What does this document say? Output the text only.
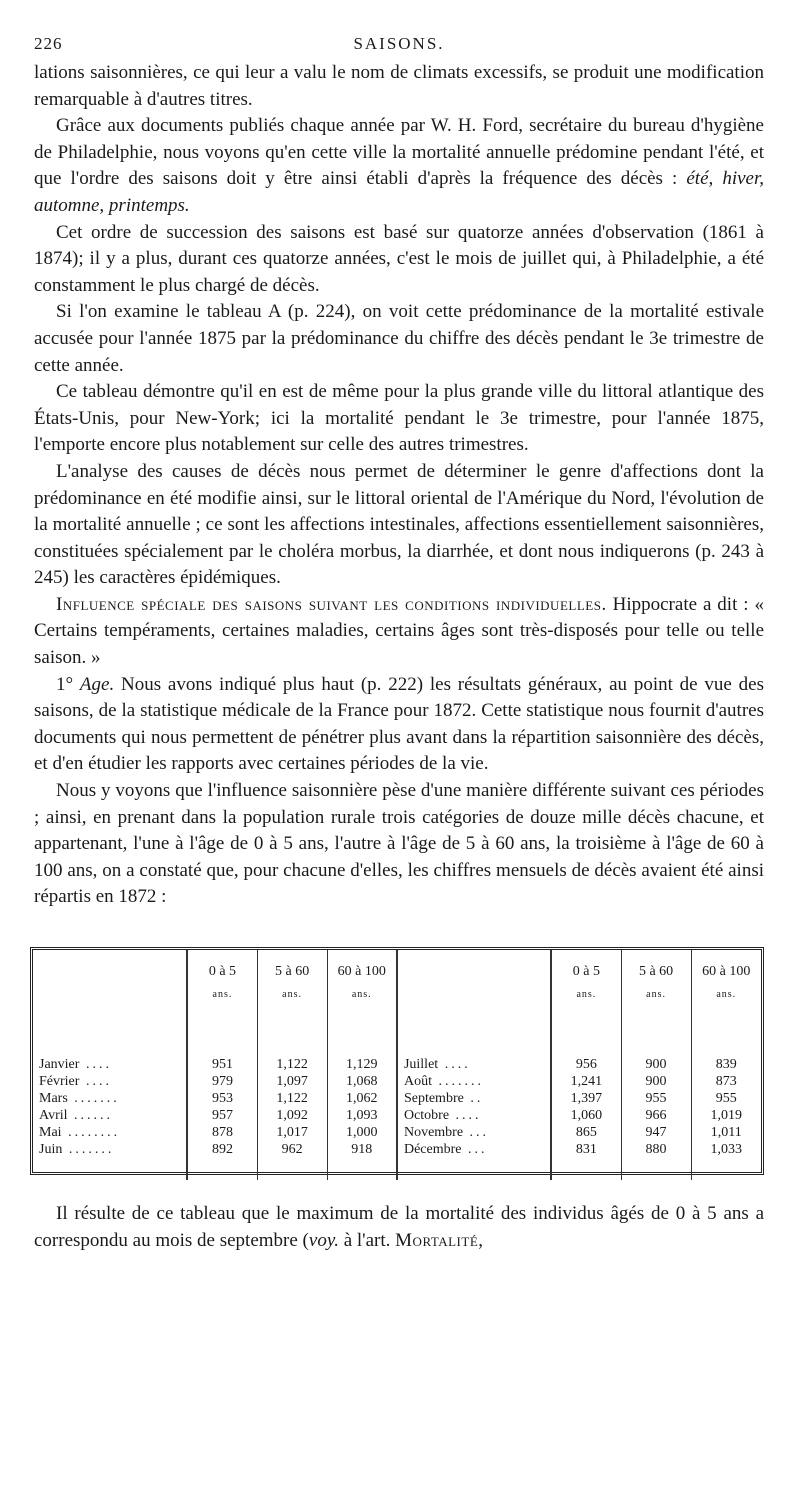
226	SAISONS.

lations saisonnières, ce qui leur a valu le nom de climats excessifs, se produit une modification remarquable à d'autres titres.

Grâce aux documents publiés chaque année par W. H. Ford, secrétaire du bureau d'hygiène de Philadelphie, nous voyons qu'en cette ville la mortalité annuelle prédomine pendant l'été, et que l'ordre des saisons doit y être ainsi établi d'après la fréquence des décès : été, hiver, automne, printemps.

Cet ordre de succession des saisons est basé sur quatorze années d'observation (1861 à 1874); il y a plus, durant ces quatorze années, c'est le mois de juillet qui, à Philadelphie, a été constamment le plus chargé de décès.

Si l'on examine le tableau A (p. 224), on voit cette prédominance de la mortalité estivale accusée pour l'année 1875 par la prédominance du chiffre des décès pendant le 3e trimestre de cette année.

Ce tableau démontre qu'il en est de même pour la plus grande ville du littoral atlantique des États-Unis, pour New-York; ici la mortalité pendant le 3e trimestre, pour l'année 1875, l'emporte encore plus notablement sur celle des autres trimestres.

L'analyse des causes de décès nous permet de déterminer le genre d'affections dont la prédominance en été modifie ainsi, sur le littoral oriental de l'Amérique du Nord, l'évolution de la mortalité annuelle ; ce sont les affections intestinales, affections essentiellement saisonnières, constituées spécialement par le choléra morbus, la diarrhée, et dont nous indiquerons (p. 243 à 245) les caractères épidémiques.

Influence spéciale des saisons suivant les conditions individuelles. Hippocrate a dit : « Certains tempéraments, certaines maladies, certains âges sont très-disposés pour telle ou telle saison. »

1° Age. Nous avons indiqué plus haut (p. 222) les résultats généraux, au point de vue des saisons, de la statistique médicale de la France pour 1872. Cette statistique nous fournit d'autres documents qui nous permettent de pénétrer plus avant dans la répartition saisonnière des décès, et d'en étudier les rapports avec certaines périodes de la vie.

Nous y voyons que l'influence saisonnière pèse d'une manière différente suivant ces périodes ; ainsi, en prenant dans la population rurale trois catégories de douze mille décès chacune, et appartenant, l'une à l'âge de 0 à 5 ans, l'autre à l'âge de 5 à 60 ans, la troisième à l'âge de 60 à 100 ans, on a constaté que, pour chacune d'elles, les chiffres mensuels de décès avaient été ainsi répartis en 1872 :

	0 à 5	5 à 60	60 à 100		0 à 5	5 à 60	60 à 100
	ans.	ans.	ans.		ans.	ans.	ans.

Janvier ....	951	1,122	1,129	Juillet ....	956	900	839
Février ....	979	1,097	1,068	Août .......	1,241	900	873
Mars .......	953	1,122	1,062	Septembre ..	1,397	955	955
Avril ......	957	1,092	1,093	Octobre ....	1,060	966	1,019
Mai ........	878	1,017	1,000	Novembre ...	865	947	1,011
Juin .......	892	962	918	Décembre ...	831	880	1,033

Il résulte de ce tableau que le maximum de la mortalité des individus âgés de 0 à 5 ans a correspondu au mois de septembre (voy. à l'art. Mortalité,
